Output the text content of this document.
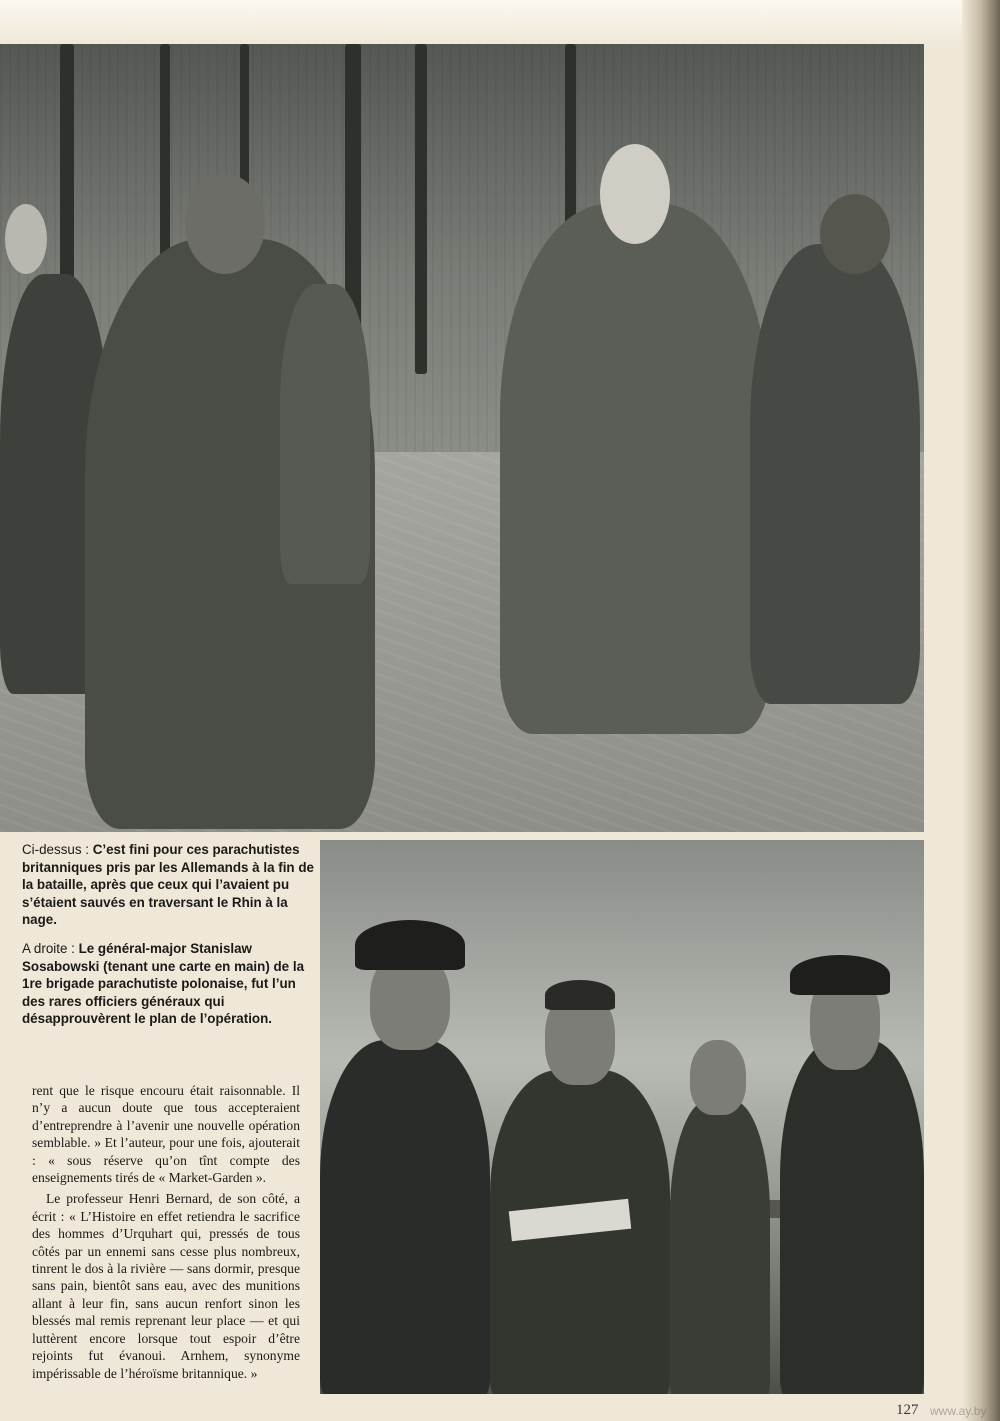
Ci-dessus : C’est fini pour ces parachutistes britanniques pris par les Allemands à la fin de la bataille, après que ceux qui l’avaient pu s’étaient sauvés en traversant le Rhin à la nage.
A droite : Le général-major Stanislaw Sosabowski (tenant une carte en main) de la 1re brigade parachutiste polonaise, fut l’un des rares officiers généraux qui désapprouvèrent le plan de l’opération.

rent que le risque encouru était raisonnable. Il n’y a aucun doute que tous accepteraient d’entreprendre à l’avenir une nouvelle opération semblable. » Et l’auteur, pour une fois, ajouterait : « sous réserve qu’on tînt compte des enseignements tirés de « Market-Garden ».

Le professeur Henri Bernard, de son côté, a écrit : « L’Histoire en effet retiendra le sacrifice des hommes d’Urquhart qui, pressés de tous côtés par un ennemi sans cesse plus nombreux, tinrent le dos à la rivière — sans dormir, presque sans pain, bientôt sans eau, avec des munitions allant à leur fin, sans aucun renfort sinon les blessés mal remis reprenant leur place — et qui luttèrent encore lorsque tout espoir d’être rejoints fut évanoui. Arnhem, synonyme impérissable de l’héroïsme britannique. »

127 www.ay.by
